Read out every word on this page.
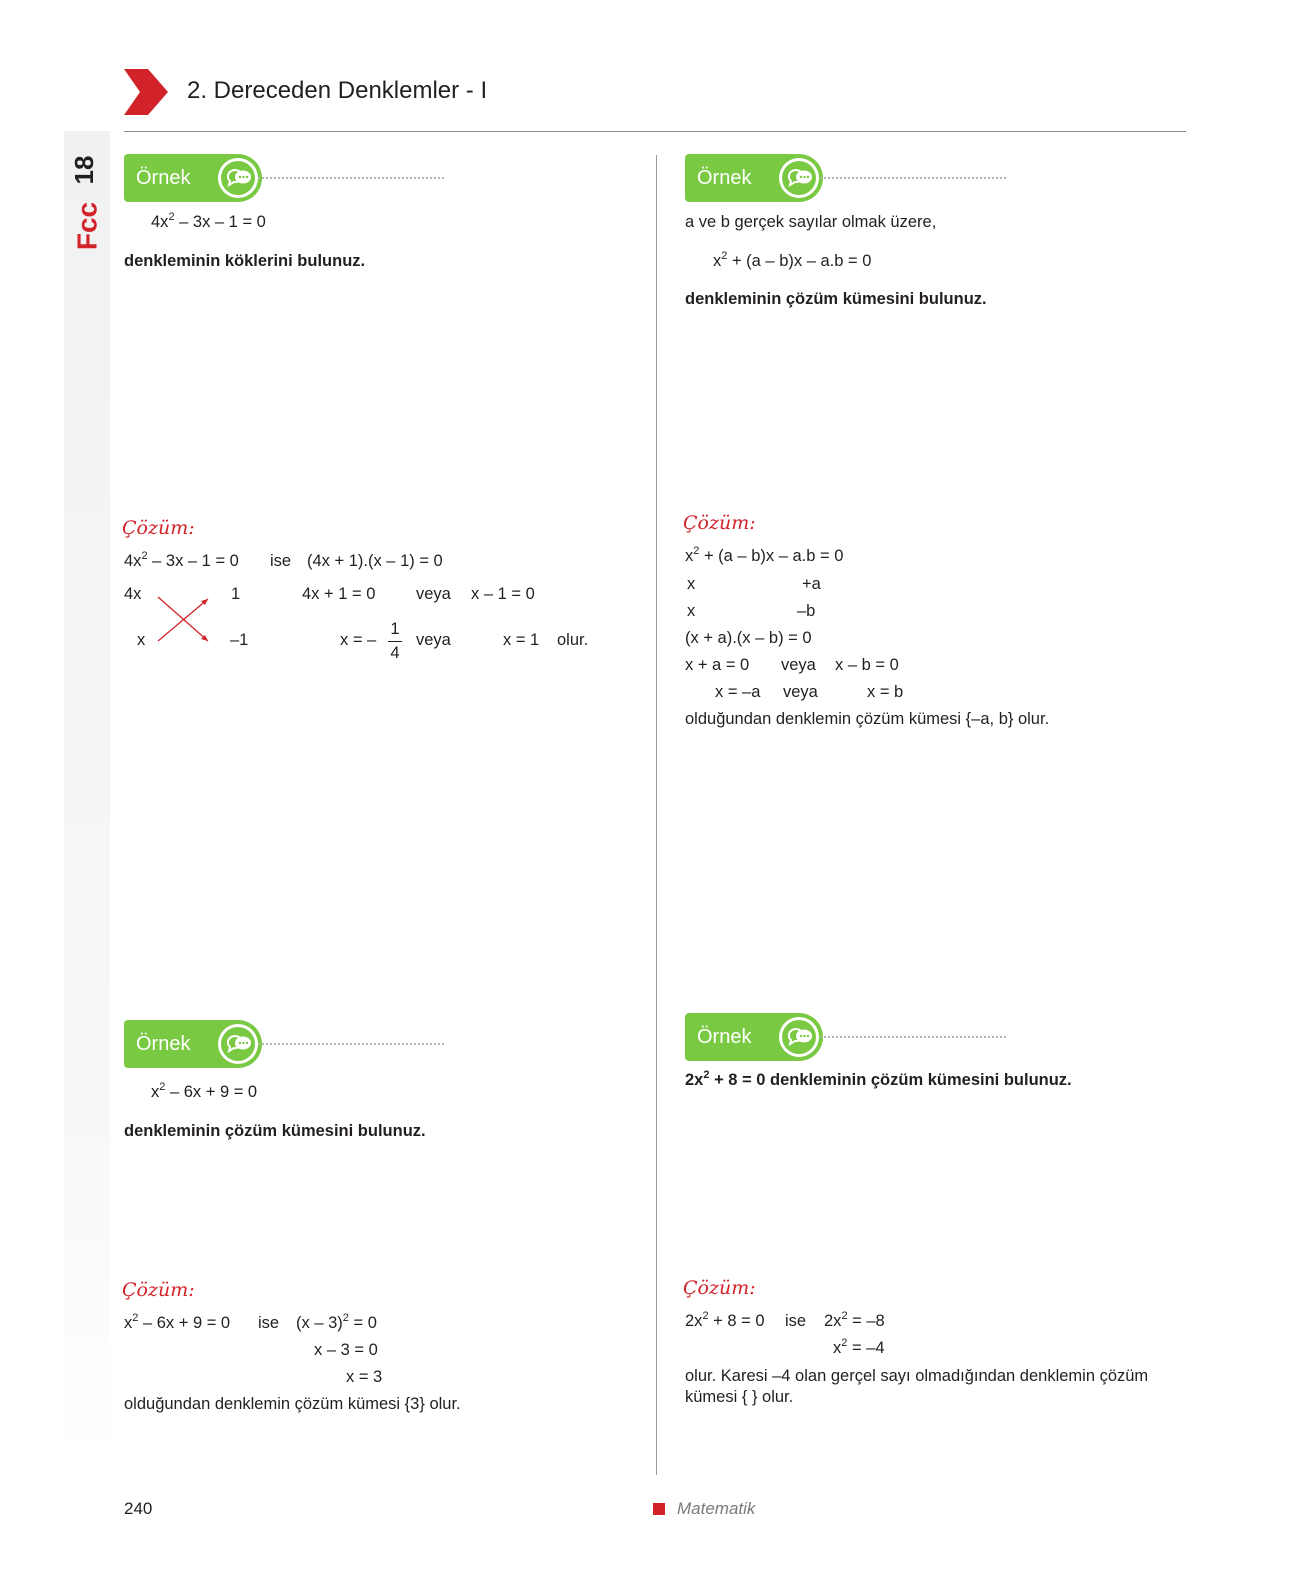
2. Dereceden Denklemler - I
18
Fcc
Örnek
$4x^2 - 3x - 1 = 0$
denkleminin köklerini bulunuz.
Çözüm:
$4x^2 - 3x - 1 = 0$ ise (4x + 1).(x – 1) = 0
4x	1
x	–1
4x + 1 = 0 veya x – 1 = 0
x = –
1
4
veya	x = 1 olur.
Örnek
a ve b gerçek sayılar olmak üzere,
$x^2 + (a - b)x - a.b = 0$
denkleminin çözüm kümesini bulunuz.
Çözüm:
$x^2 + (a - b)x - a.b = 0$
x	+a
x	–b
(x + a).(x – b) = 0
x + a = 0 veya x – b = 0
x = –a veya	x = b
olduğundan denklemin çözüm kümesi {–a, b} olur.
Örnek
$x^2 - 6x + 9 = 0$
denkleminin çözüm kümesini bulunuz.
Çözüm:
$x^2 - 6x + 9 = 0$ ise (x – 3)$^2$ = 0
x – 3 = 0
x = 3
olduğundan denklemin çözüm kümesi {3} olur.
Örnek
$2x^2 + 8 = 0$ denkleminin çözüm kümesini bulunuz.
Çözüm:
$2x^2 + 8 = 0$ ise $2x^2 = -8$
$x^2 = -4$
olur. Karesi –4 olan gerçel sayı olmadığından denklemin çözüm
kümesi { } olur.
240	Matematik
